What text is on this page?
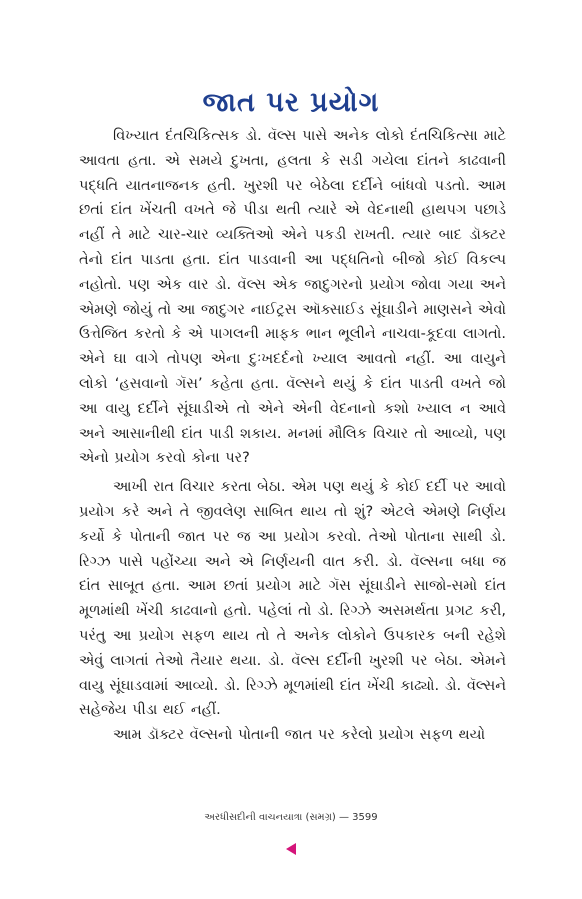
જાત પર પ્રયોગ

વિખ્યાત દંતચિકિત્સક ડો. વૅલ્સ પાસે અનેક લોકો દંતચિકિત્સા માટે આવતા હતા. એ સમયે દુખતા, હલતા કે સડી ગયેલા દાંતને કાઢવાની પદ્ધતિ યાતનાજનક હતી. ખુરશી પર બેઠેલા દર્દીને બાંધવો પડતો. આમ છતાં દાંત ખેંચતી વખતે જે પીડા થતી ત્યારે એ વેદનાથી હાથપગ પછાડે નહીં તે માટે ચાર-ચાર વ્યક્તિઓ એને પકડી રાખતી. ત્યાર બાદ ડૉક્ટર તેનો દાંત પાડતા હતા. દાંત પાડવાની આ પદ્ધતિનો બીજો કોઈ વિકલ્પ નહોતો. પણ એક વાર ડો. વૅલ્સ એક જાદુગરનો પ્રયોગ જોવા ગયા અને એમણે જોયું તો આ જાદુગર નાઈટ્રસ ઑક્સાઈડ સૂંઘાડીને માણસને એવો ઉત્તેજિત કરતો કે એ પાગલની માફક ભાન ભૂલીને નાચવા-કૂદવા લાગતો. એને ઘા વાગે તોપણ એના દુઃખદર્દનો ખ્યાલ આવતો નહીં. આ વાયુને લોકો ‘હસવાનો ગૅસ’ કહેતા હતા. વૅલ્સને થયું કે દાંત પાડતી વખતે જો આ વાયુ દર્દીને સૂંઘાડીએ તો એને એની વેદનાનો કશો ખ્યાલ ન આવે અને આસાનીથી દાંત પાડી શકાય. મનમાં મૌલિક વિચાર તો આવ્યો, પણ એનો પ્રયોગ કરવો કોના પર?

આખી રાત વિચાર કરતા બેઠા. એમ પણ થયું કે કોઈ દર્દી પર આવો પ્રયોગ કરે અને તે જીવલેણ સાબિત થાય તો શું? એટલે એમણે નિર્ણય કર્યો કે પોતાની જાત પર જ આ પ્રયોગ કરવો. તેઓ પોતાના સાથી ડો. રિગ્ઝ પાસે પહોંચ્યા અને એ નિર્ણયની વાત કરી. ડો. વૅલ્સના બધા જ દાંત સાબૂત હતા. આમ છતાં પ્રયોગ માટે ગૅસ સૂંઘાડીને સાજો-સમો દાંત મૂળમાંથી ખેંચી કાઢવાનો હતો. પહેલાં તો ડો. રિગ્ઝે અસમર્થતા પ્રગટ કરી, પરંતુ આ પ્રયોગ સફળ થાય તો તે અનેક લોકોને ઉપકારક બની રહેશે એવું લાગતાં તેઓ તૈયાર થયા. ડો. વૅલ્સ દર્દીની ખુરશી પર બેઠા. એમને વાયુ સૂંઘાડવામાં આવ્યો. ડો. રિગ્ઝે મૂળમાંથી દાંત ખેંચી કાઢ્યો. ડો. વૅલ્સને સહેજેય પીડા થઈ નહીં.

આમ ડૉક્ટર વૅલ્સનો પોતાની જાત પર કરેલો પ્રયોગ સફળ થયો

અરધીસદીની વાચનયાત્રા (સમગ્ર) — 3599
